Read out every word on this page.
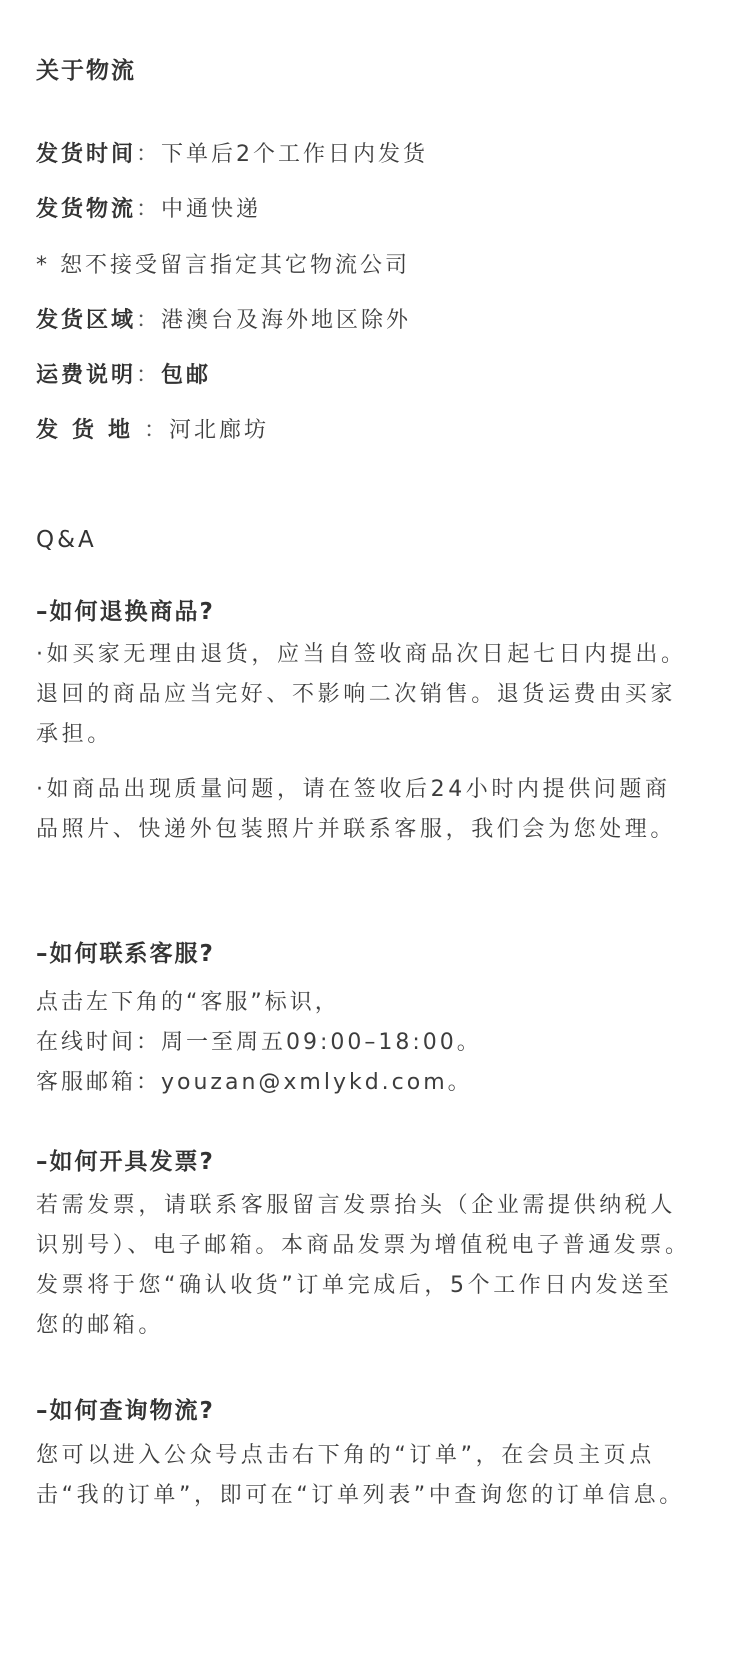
关于物流
发货时间：下单后2个工作日内发货
发货物流：中通快递
* 恕不接受留言指定其它物流公司
发货区域：港澳台及海外地区除外
运费说明：包邮
发货地：河北廊坊
Q&A
–如何退换商品?
·如买家无理由退货，应当自签收商品次日起七日内提出。退回的商品应当完好、不影响二次销售。退货运费由买家承担。
·如商品出现质量问题，请在签收后24小时内提供问题商品照片、快递外包装照片并联系客服，我们会为您处理。
–如何联系客服?
点击左下角的“客服”标识，
在线时间：周一至周五09:00–18:00。
客服邮箱：youzan@xmlykd.com。
–如何开具发票?
若需发票，请联系客服留言发票抬头（企业需提供纳税人识别号）、电子邮箱。本商品发票为增值税电子普通发票。发票将于您“确认收货”订单完成后，5个工作日内发送至您的邮箱。
–如何查询物流?
您可以进入公众号点击右下角的“订单”，在会员主页点击“我的订单”，即可在“订单列表”中查询您的订单信息。
